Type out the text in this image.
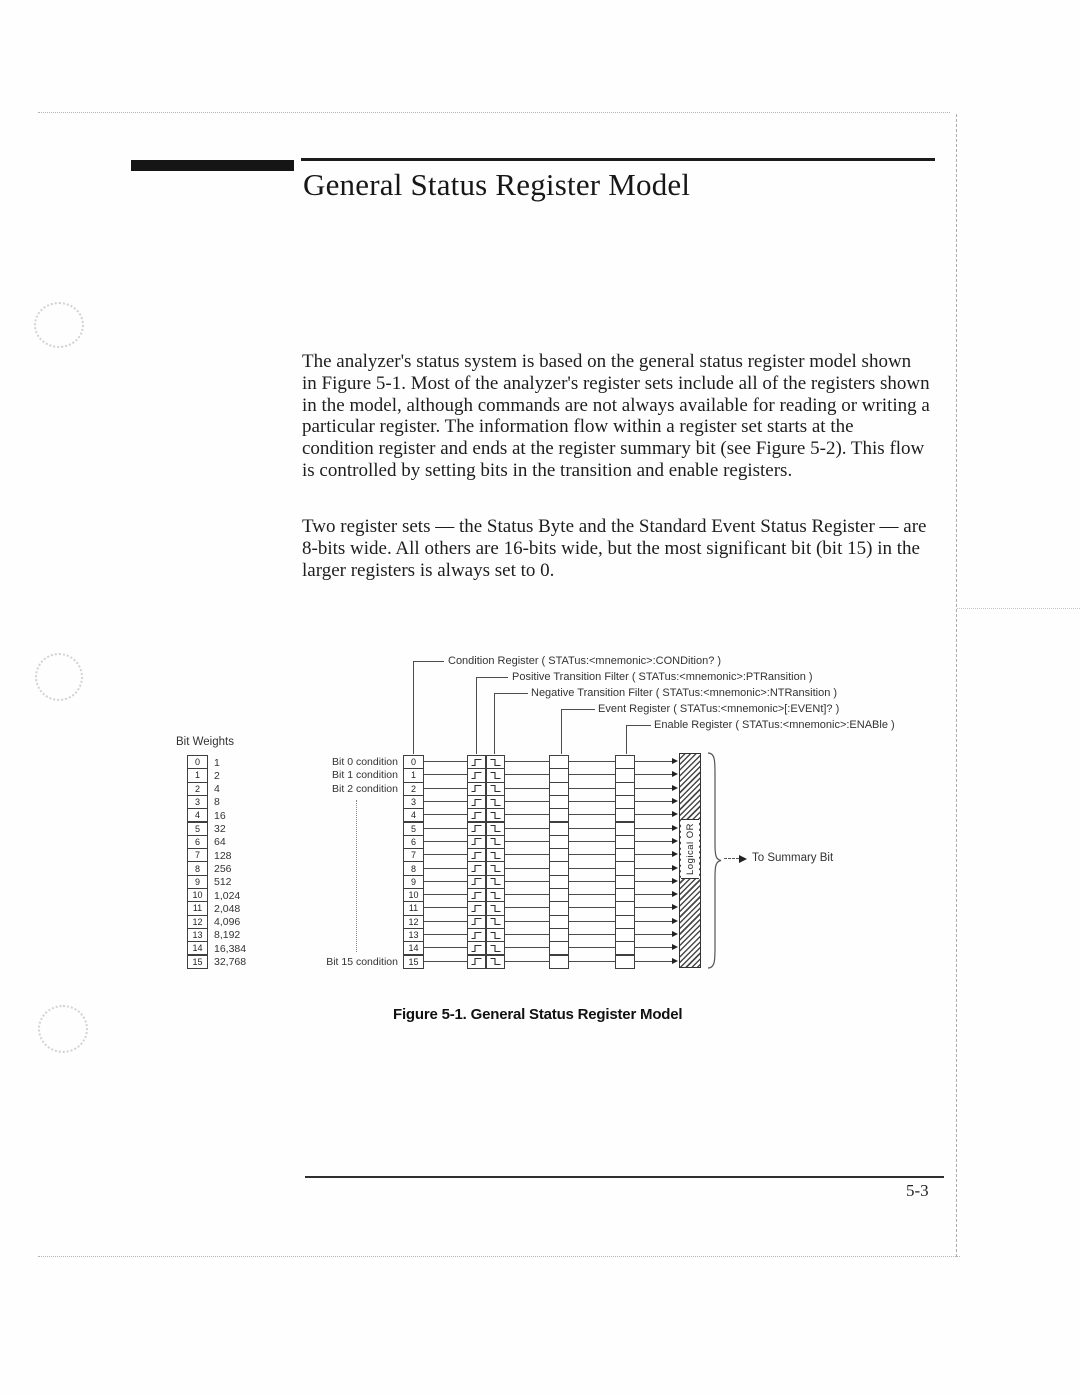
General Status Register Model

The analyzer's status system is based on the general status register model shown in Figure 5-1. Most of the analyzer's register sets include all of the registers shown in the model, although commands are not always available for reading or writing a particular register. The information flow within a register set starts at the condition register and ends at the register summary bit (see Figure 5-2). This flow is controlled by setting bits in the transition and enable registers.

Two register sets — the Status Byte and the Standard Event Status Register — are 8-bits wide. All others are 16-bits wide, but the most significant bit (bit 15) in the larger registers is always set to 0.

Condition Register ( STATus:<mnemonic>:CONDition? )
Positive Transition Filter ( STATus:<mnemonic>:PTRansition )
Negative Transition Filter ( STATus:<mnemonic>:NTRansition )
Event Register ( STATus:<mnemonic>[:EVENt]? )
Enable Register ( STATus:<mnemonic>:ENABle )
Bit Weights
0	1	0
1	2	1
2	4	2
3	8	3
4	16	4
5	32	5
6	64	6
7	128	7
8	256	8
9	512	9
10	1,024	10
11	2,048	11
12	4,096	12
13	8,192	13
14	16,384	14
15	32,768	15
Bit 0 condition
Bit 1 condition
Bit 2 condition
Bit 15 condition
Logical OR	To Summary Bit
Figure 5-1. General Status Register Model
5-3
